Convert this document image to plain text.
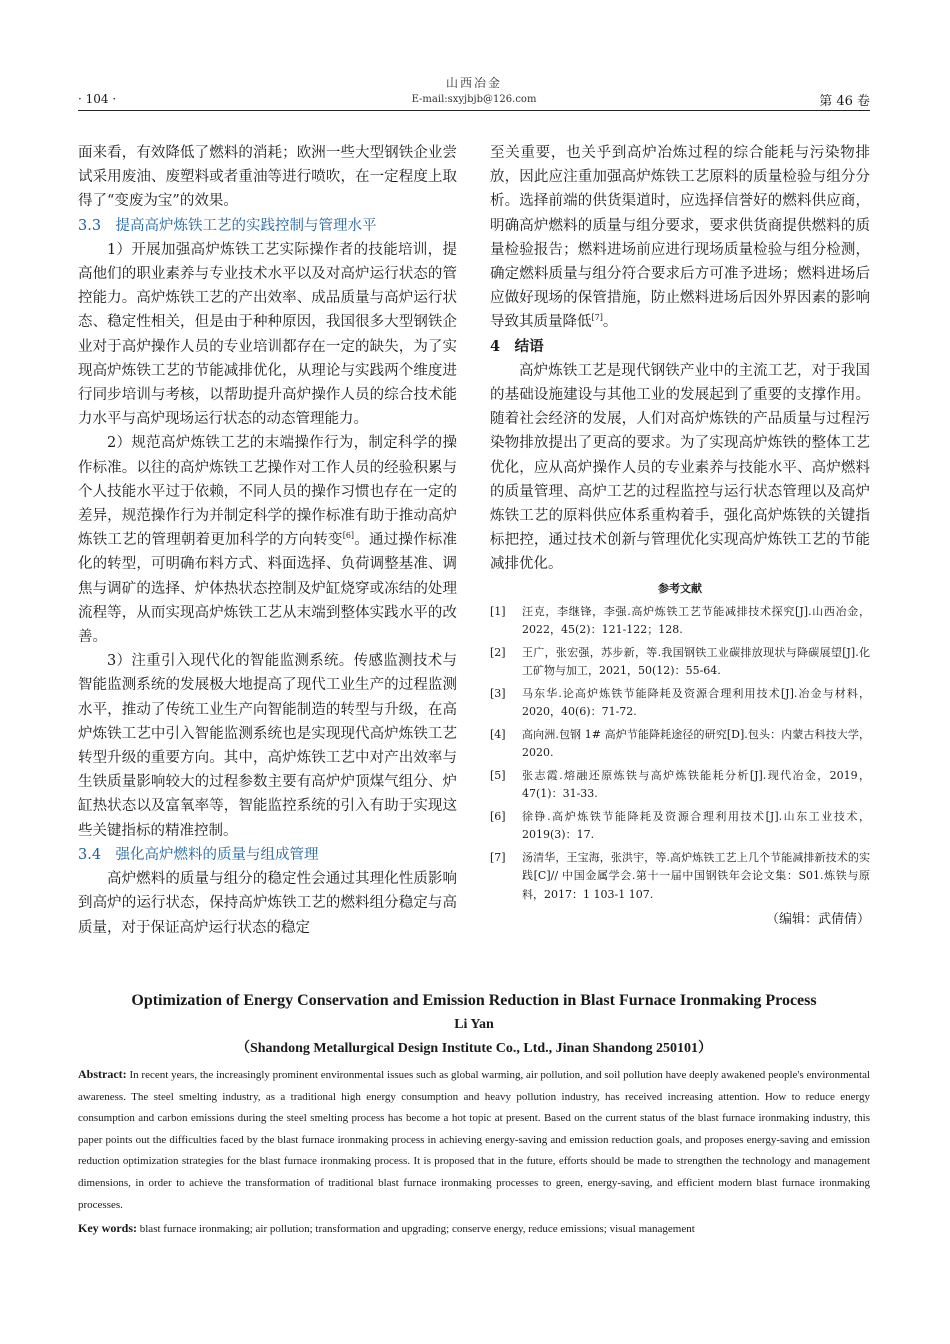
山西冶金
E-mail:sxyjbjb@126.com
· 104 ·	第 46 卷

面来看，有效降低了燃料的消耗；欧洲一些大型钢铁企业尝试采用废油、废塑料或者重油等进行喷吹，在一定程度上取得了“变废为宝”的效果。

3.3　提高高炉炼铁工艺的实践控制与管理水平

1）开展加强高炉炼铁工艺实际操作者的技能培训，提高他们的职业素养与专业技术水平以及对高炉运行状态的管控能力。高炉炼铁工艺的产出效率、成品质量与高炉运行状态、稳定性相关，但是由于种种原因，我国很多大型钢铁企业对于高炉操作人员的专业培训都存在一定的缺失，为了实现高炉炼铁工艺的节能减排优化，从理论与实践两个维度进行同步培训与考核，以帮助提升高炉操作人员的综合技术能力水平与高炉现场运行状态的动态管理能力。

2）规范高炉炼铁工艺的末端操作行为，制定科学的操作标准。以往的高炉炼铁工艺操作对工作人员的经验积累与个人技能水平过于依赖，不同人员的操作习惯也存在一定的差异，规范操作行为并制定科学的操作标准有助于推动高炉炼铁工艺的管理朝着更加科学的方向转变[6]。通过操作标准化的转型，可明确布料方式、料面选择、负荷调整基准、调焦与调矿的选择、炉体热状态控制及炉缸烧穿或冻结的处理流程等，从而实现高炉炼铁工艺从末端到整体实践水平的改善。

3）注重引入现代化的智能监测系统。传感监测技术与智能监测系统的发展极大地提高了现代工业生产的过程监测水平，推动了传统工业生产向智能制造的转型与升级，在高炉炼铁工艺中引入智能监测系统也是实现现代高炉炼铁工艺转型升级的重要方向。其中，高炉炼铁工艺中对产出效率与生铁质量影响较大的过程参数主要有高炉炉顶煤气组分、炉缸热状态以及富氧率等，智能监控系统的引入有助于实现这些关键指标的精准控制。

3.4　强化高炉燃料的质量与组成管理

高炉燃料的质量与组分的稳定性会通过其理化性质影响到高炉的运行状态，保持高炉炼铁工艺的燃料组分稳定与高质量，对于保证高炉运行状态的稳定

至关重要，也关乎到高炉冶炼过程的综合能耗与污染物排放，因此应注重加强高炉炼铁工艺原料的质量检验与组分分析。选择前端的供货渠道时，应选择信誉好的燃料供应商，明确高炉燃料的质量与组分要求，要求供货商提供燃料的质量检验报告；燃料进场前应进行现场质量检验与组分检测，确定燃料质量与组分符合要求后方可准予进场；燃料进场后应做好现场的保管措施，防止燃料进场后因外界因素的影响导致其质量降低[7]。

4　结语

高炉炼铁工艺是现代钢铁产业中的主流工艺，对于我国的基础设施建设与其他工业的发展起到了重要的支撑作用。随着社会经济的发展，人们对高炉炼铁的产品质量与过程污染物排放提出了更高的要求。为了实现高炉炼铁的整体工艺优化，应从高炉操作人员的专业素养与技能水平、高炉燃料的质量管理、高炉工艺的过程监控与运行状态管理以及高炉炼铁工艺的原料供应体系重构着手，强化高炉炼铁的关键指标把控，通过技术创新与管理优化实现高炉炼铁工艺的节能减排优化。

参考文献
[1] 汪克，李继锋，李强.高炉炼铁工艺节能减排技术探究[J].山西冶金，2022，45(2)：121-122；128.
[2] 王广，张宏强，苏步新，等.我国钢铁工业碳排放现状与降碳展望[J].化工矿物与加工，2021，50(12)：55-64.
[3] 马东华.论高炉炼铁节能降耗及资源合理利用技术[J].冶金与材料，2020，40(6)：71-72.
[4] 高向洲.包钢 1# 高炉节能降耗途径的研究[D].包头：内蒙古科技大学，2020.
[5] 张志霞.熔融还原炼铁与高炉炼铁能耗分析[J].现代冶金，2019，47(1)：31-33.
[6] 徐铮.高炉炼铁节能降耗及资源合理利用技术[J].山东工业技术，2019(3)：17.
[7] 汤清华，王宝海，张洪宇，等.高炉炼铁工艺上几个节能减排新技术的实践[C]// 中国金属学会.第十一届中国钢铁年会论文集：S01.炼铁与原料，2017：1 103-1 107.
（编辑：武倩倩）

Optimization of Energy Conservation and Emission Reduction in Blast Furnace Ironmaking Process

Li Yan

（Shandong Metallurgical Design Institute Co., Ltd., Jinan Shandong 250101）

Abstract: In recent years, the increasingly prominent environmental issues such as global warming, air pollution, and soil pollution have deeply awakened people's environmental awareness. The steel smelting industry, as a traditional high energy consumption and heavy pollution industry, has received increasing attention. How to reduce energy consumption and carbon emissions during the steel smelting process has become a hot topic at present. Based on the current status of the blast furnace ironmaking industry, this paper points out the difficulties faced by the blast furnace ironmaking process in achieving energy-saving and emission reduction goals, and proposes energy-saving and emission reduction optimization strategies for the blast furnace ironmaking process. It is proposed that in the future, efforts should be made to strengthen the technology and management dimensions, in order to achieve the transformation of traditional blast furnace ironmaking processes to green, energy-saving, and efficient modern blast furnace ironmaking processes.

Key words: blast furnace ironmaking; air pollution; transformation and upgrading; conserve energy, reduce emissions; visual management
